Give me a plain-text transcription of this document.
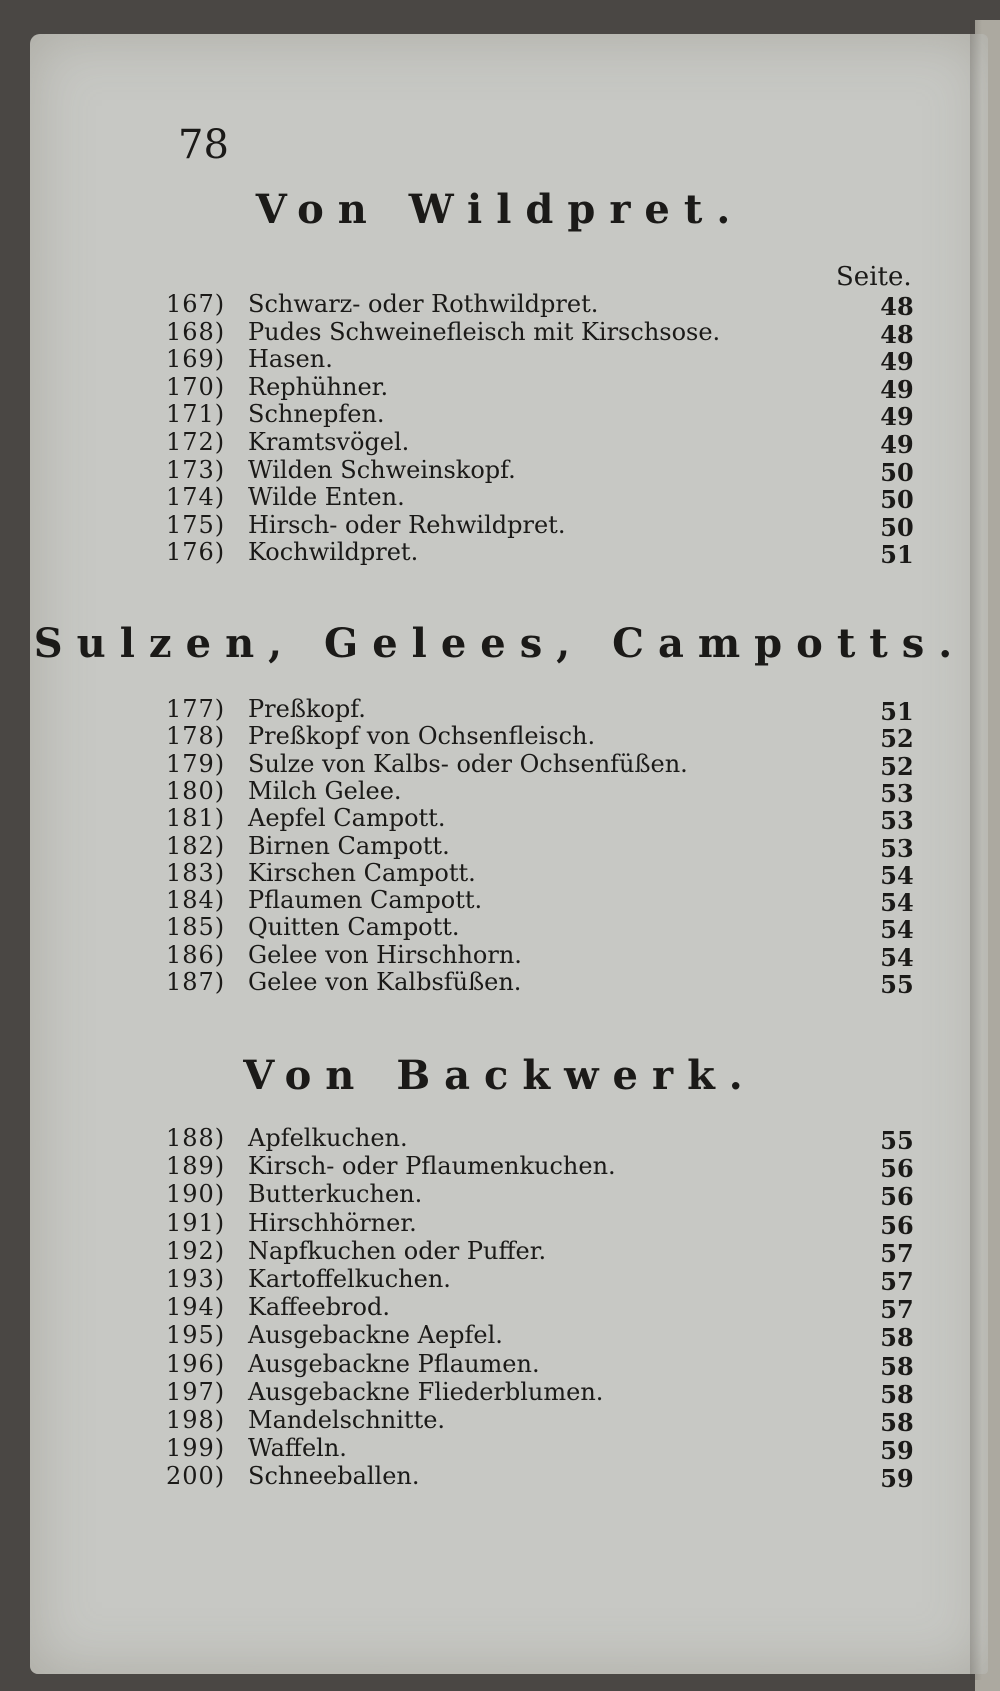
78
Von Wildpret.
Seite.
Sulzen, Gelees, Campotts.
Von Backwerk.
167) Schwarz- oder Rothwildpret.	48
168) Pudes Schweinefleisch mit Kirschsose.	48
169) Hasen.	49
170) Rephühner.	49
171) Schnepfen.	49
172) Kramtsvögel.	49
173) Wilden Schweinskopf.	50
174) Wilde Enten.	50
175) Hirsch- oder Rehwildpret.	50
176) Kochwildpret.	51
177) Preßkopf.	51
178) Preßkopf von Ochsenfleisch.	52
179) Sulze von Kalbs- oder Ochsenfüßen.	52
180) Milch Gelee.	53
181) Aepfel Campott.	53
182) Birnen Campott.	53
183) Kirschen Campott.	54
184) Pflaumen Campott.	54
185) Quitten Campott.	54
186) Gelee von Hirschhorn.	54
187) Gelee von Kalbsfüßen.	55
188) Apfelkuchen.	55
189) Kirsch- oder Pflaumenkuchen.	56
190) Butterkuchen.	56
191) Hirschhörner.	56
192) Napfkuchen oder Puffer.	57
193) Kartoffelkuchen.	57
194) Kaffeebrod.	57
195) Ausgebackne Aepfel.	58
196) Ausgebackne Pflaumen.	58
197) Ausgebackne Fliederblumen.	58
198) Mandelschnitte.	58
199) Waffeln.	59
200) Schneeballen.	59
